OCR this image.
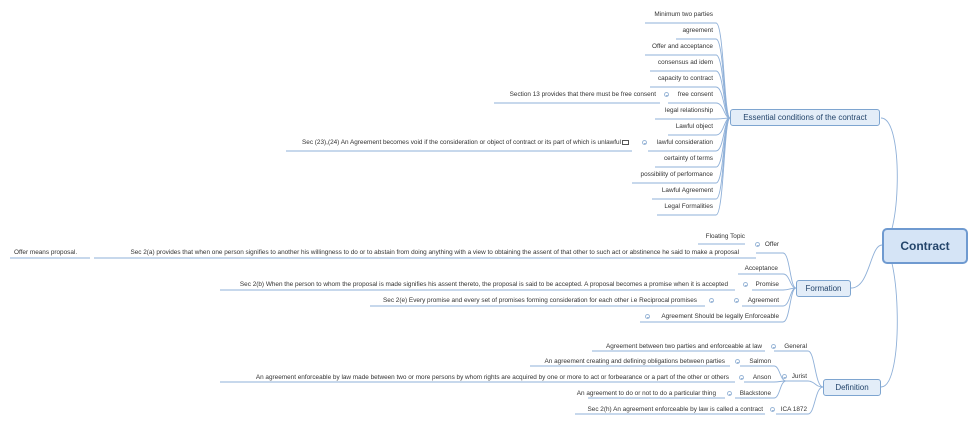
Contract
Essential conditions of the contract
Minimum two parties
agreement
Offer and acceptance
consensus ad idem
capacity to contract
free consent
Section 13 provides that there must be free consent
legal relationship
Lawful object
lawful consideration
Sec (23),(24) An Agreement becomes void if the consideration or object of contract or its part of which is unlawful
certainty of terms
possibility of performance
Lawful Agreement
Legal Formalities
Formation
Floating Topic
Offer
Sec 2(a) provides that when one person signifies to another his willingness to do or to abstain from doing anything with a view to obtaining the assent of that other to such act or abstinence he said to make a proposal
Offer means proposal.
Acceptance
Promise
Sec 2(b) When the person to whom the proposal is made signifies his assent thereto, the proposal is said to be accepted. A proposal becomes a promise when it is accepted
Agreement
Sec 2(e) Every promise and every set of promises forming consideration for each other i.e Reciprocal promises
Agreement Should be legally Enforceable
Definition
General
Agreement between two parties and enforceable at law
Jurist
Salmon
An agreement creating and defining obligations between parties
Anson
An agreement enforceable by law made between two or more persons by whom rights are acquired by one or more to act or forbearance or a part of the other or others
Blackstone
An agreement to do or not to do a particular thing
ICA 1872
Sec 2(h) An agreement enforceable by law is called a contract
